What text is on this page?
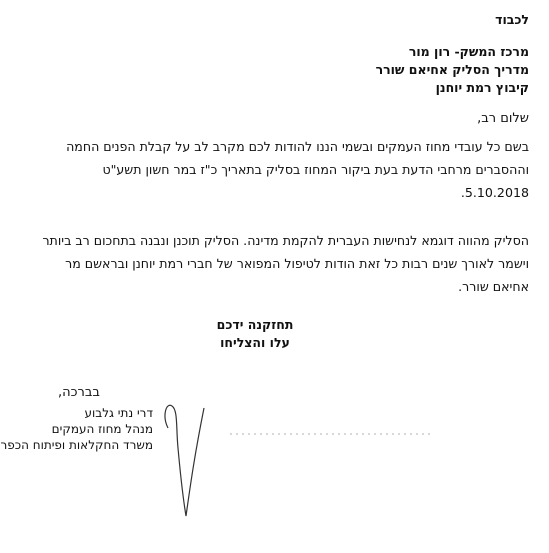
לכבוד
מרכז המשק- רון מור
מדריך הסליק אחיאם שורר
קיבוץ רמת יוחנן
שלום רב,
בשם כל עובדי מחוז העמקים ובשמי הננו להודות לכם מקרב לב על קבלת הפנים החמה
וההסברים מרחבי הדעת בעת ביקור המחוז בסליק בתאריך כ"ז במר חשון תשע"ט
5.10.2018.
הסליק מהווה דוגמא לנחישות העברית להקמת מדינה. הסליק תוכנן ונבנה בתחכום רב ביותר
וישמר לאורך שנים רבות כל זאת הודות לטיפול המפואר של חברי רמת יוחנן ובראשם מר
אחיאם שורר.
תחזקנה ידכם
עלו והצליחו
בברכה,
דרי נתי גלבוע
מנהל מחוז העמקים
משרד החקלאות ופיתוח הכפר
